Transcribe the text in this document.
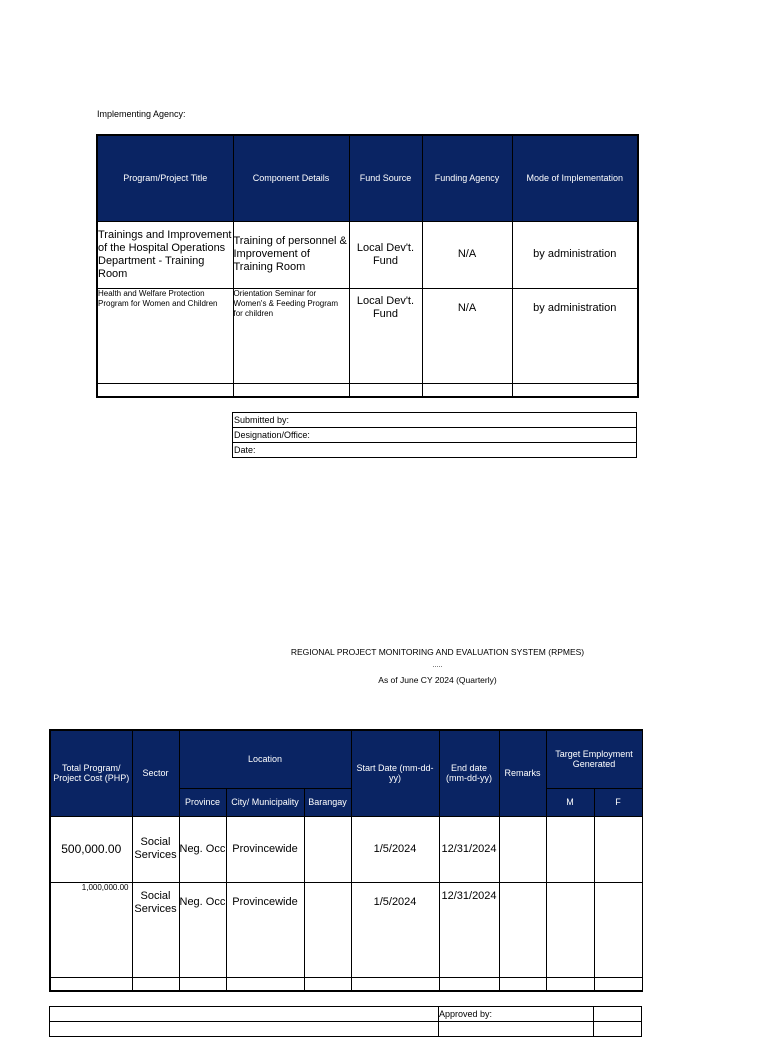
Implementing Agency:
Program/Project Title	Component Details	Fund Source	Funding Agency	Mode of Implementation
Trainings and Improvement of the Hospital Operations Department - Training Room	Training of personnel & Improvement of Training Room	Local Dev't. Fund	N/A	by administration
Health and Welfare Protection Program for Women and Children	Orientation Seminar for Women's & Feeding Program for children	Local Dev't. Fund	N/A	by administration

Submitted by:
Designation/Office:
Date:
REGIONAL PROJECT MONITORING AND EVALUATION SYSTEM (RPMES)
.....
As of June CY 2024 (Quarterly)
Total Program/ Project Cost (PHP)	Sector	Location			Start Date (mm-dd-yy)	End date (mm-dd-yy)	Remarks	Target Employment Generated	
		Province	City/ Municipality	Barangay				M	F
500,000.00	Social Services	Neg. Occ	Provincewide		1/5/2024	12/31/2024			
1,000,000.00	Social Services	Neg. Occ	Provincewide		1/5/2024	12/31/2024			

	Approved by:	
